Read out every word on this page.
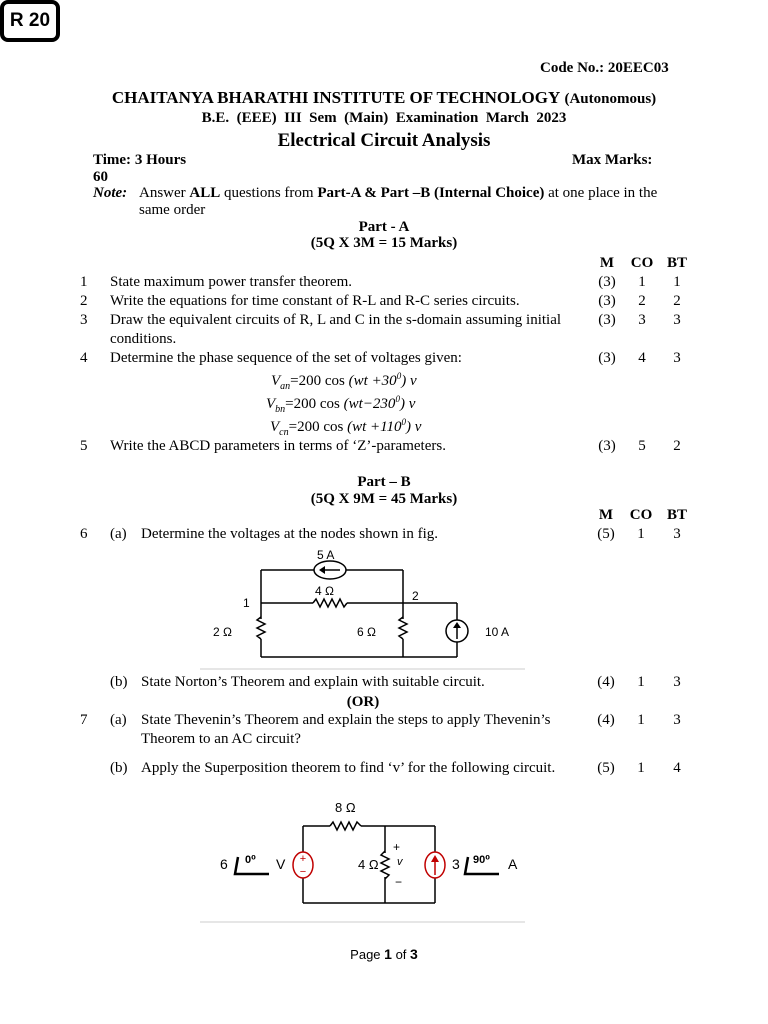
R 20
Code No.: 20EEC03
CHAITANYA BHARATHI INSTITUTE OF TECHNOLOGY (Autonomous)
B.E.  (EEE)  III  Sem  (Main)  Examination  March  2023
Electrical Circuit Analysis
Time: 3 Hours	Max Marks:
60
Note: Answer ALL questions from Part-A & Part –B (Internal Choice) at one place in the
same order
Part - A
(5Q X 3M = 15 Marks)
M	CO BT
1 State maximum power transfer theorem.	(3)	1	1
2 Write the equations for time constant of R-L and R-C series circuits.	(3)	2	2
3 Draw the equivalent circuits of R, L and C in the s-domain assuming initial
conditions.
(3)	3	3
4 Determine the phase sequence of the set of voltages given:	(3)	4	3
$V_{an}=200$ $\cos (wt +30^0)$ v
$V_{bn}=200$ $\cos (wt-230^0)$ v
$V_{cn}=200$ $\cos (wt +110^0)$ v
5 Write the ABCD parameters in terms of ‘Z’-parameters.	(3)	5	2
Part – B
(5Q X 9M = 45 Marks)
M	CO BT
6 (a) Determine the voltages at the nodes shown in fig.	(5)	1	3
5 A
4 Ω
1	2
2 Ω	6 Ω	10 A
(b) State Norton’s Theorem and explain with suitable circuit.	(4)	1	3
(OR)
7 (a) State Thevenin’s Theorem and explain the steps to apply Thevenin’s
Theorem to an AC circuit?
(4)	1	3
(b) Apply the Superposition theorem to find ‘v’ for the following circuit.	(5)	1	4
+
−
8 Ω
6 0⁰ V	4 Ω
+
v
−
3 90⁰ A
Page 1 of 3
